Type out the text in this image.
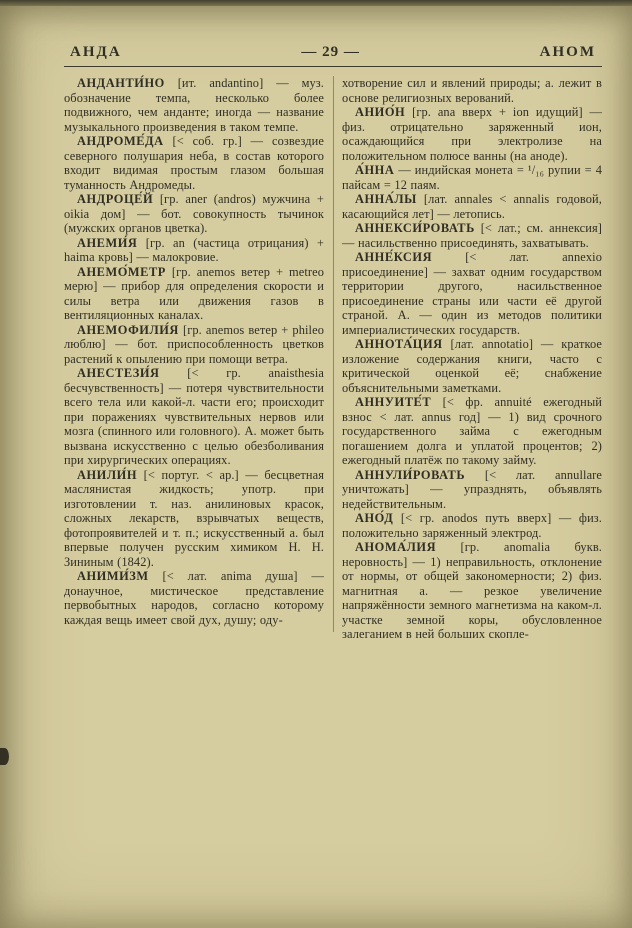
АНДА	— 29 —	АНОМ

АНДАНТИ́НО [ит. andantino] — муз. обозначение темпа, несколько более подвижного, чем анданте; иногда — название музыкального произведения в таком темпе.

АНДРОМЕ́ДА [< соб. гр.] — созвездие северного полушария неба, в состав которого входит видимая простым глазом большая туманность Андромеды.

АНДРОЦЕ́Й [гр. aner (andros) мужчина + oikia дом] — бот. совокупность тычинок (мужских органов цветка).

АНЕМИ́Я [гр. an (частица отрицания) + haima кровь] — малокровие.

АНЕМО́МЕТР [гр. anemos ветер + metreo мерю] — прибор для определения скорости и силы ветра или движения газов в вентиляционных каналах.

АНЕМОФИЛИ́Я [гр. anemos ветер + phileo люблю] — бот. приспособленность цветков растений к опылению при помощи ветра.

АНЕСТЕЗИ́Я [< гр. anaisthesia бесчувственность] — потеря чувствительности всего тела или какой-л. части его; происходит при поражениях чувствительных нервов или мозга (спинного или головного). А. может быть вызвана искусственно с целью обезболивания при хирургических операциях.

АНИЛИ́Н [< португ. < ар.] — бесцветная маслянистая жидкость; употр. при изготовлении т. наз. анилиновых красок, сложных лекарств, взрывчатых веществ, фотопроявителей и т. п.; искусственный а. был впервые получен русским химиком Н. Н. Зининым (1842).

АНИМИ́ЗМ [< лат. anima душа] — донаучное, мистическое представление первобытных народов, согласно которому каждая вещь имеет свой дух, душу; оду-

хотворение сил и явлений природы; а. лежит в основе религиозных верований.

АНИО́Н [гр. ana вверх + ion идущий] — физ. отрицательно заряженный ион, осаждающийся при электролизе на положительном полюсе ванны (на аноде).

А́ННА — индийская монета = ¹/₁₆ рупии = 4 пайсам = 12 паям.

АННА́ЛЫ [лат. annales < annalis годовой, касающийся лет] — летопись.

АННЕКСИ́РОВАТЬ [< лат.; см. аннексия] — насильственно присоединять, захватывать.

АННЕ́КСИЯ [< лат. annexio присоединение] — захват одним государством территории другого, насильственное присоединение страны или части её другой страной. А. — один из методов политики империалистических государств.

АННОТА́ЦИЯ [лат. annotatio] — краткое изложение содержания книги, часто с критической оценкой её; снабжение объяснительными заметками.

АННУИТЕ́Т [< фр. annuité ежегодный взнос < лат. annus год] — 1) вид срочного государственного займа с ежегодным погашением долга и уплатой процентов; 2) ежегодный платёж по такому займу.

АННУЛИ́РОВАТЬ [< лат. annullare уничтожать] — упразднять, объявлять недействительным.

АНО́Д [< гр. anodos путь вверх] — физ. положительно заряженный электрод.

АНОМА́ЛИЯ [гр. anomalia букв. неровность] — 1) неправильность, отклонение от нормы, от общей закономерности; 2) физ. магнитная а. — резкое увеличение напряжённости земного магнетизма на каком-л. участке земной коры, обусловленное залеганием в ней больших скопле-
